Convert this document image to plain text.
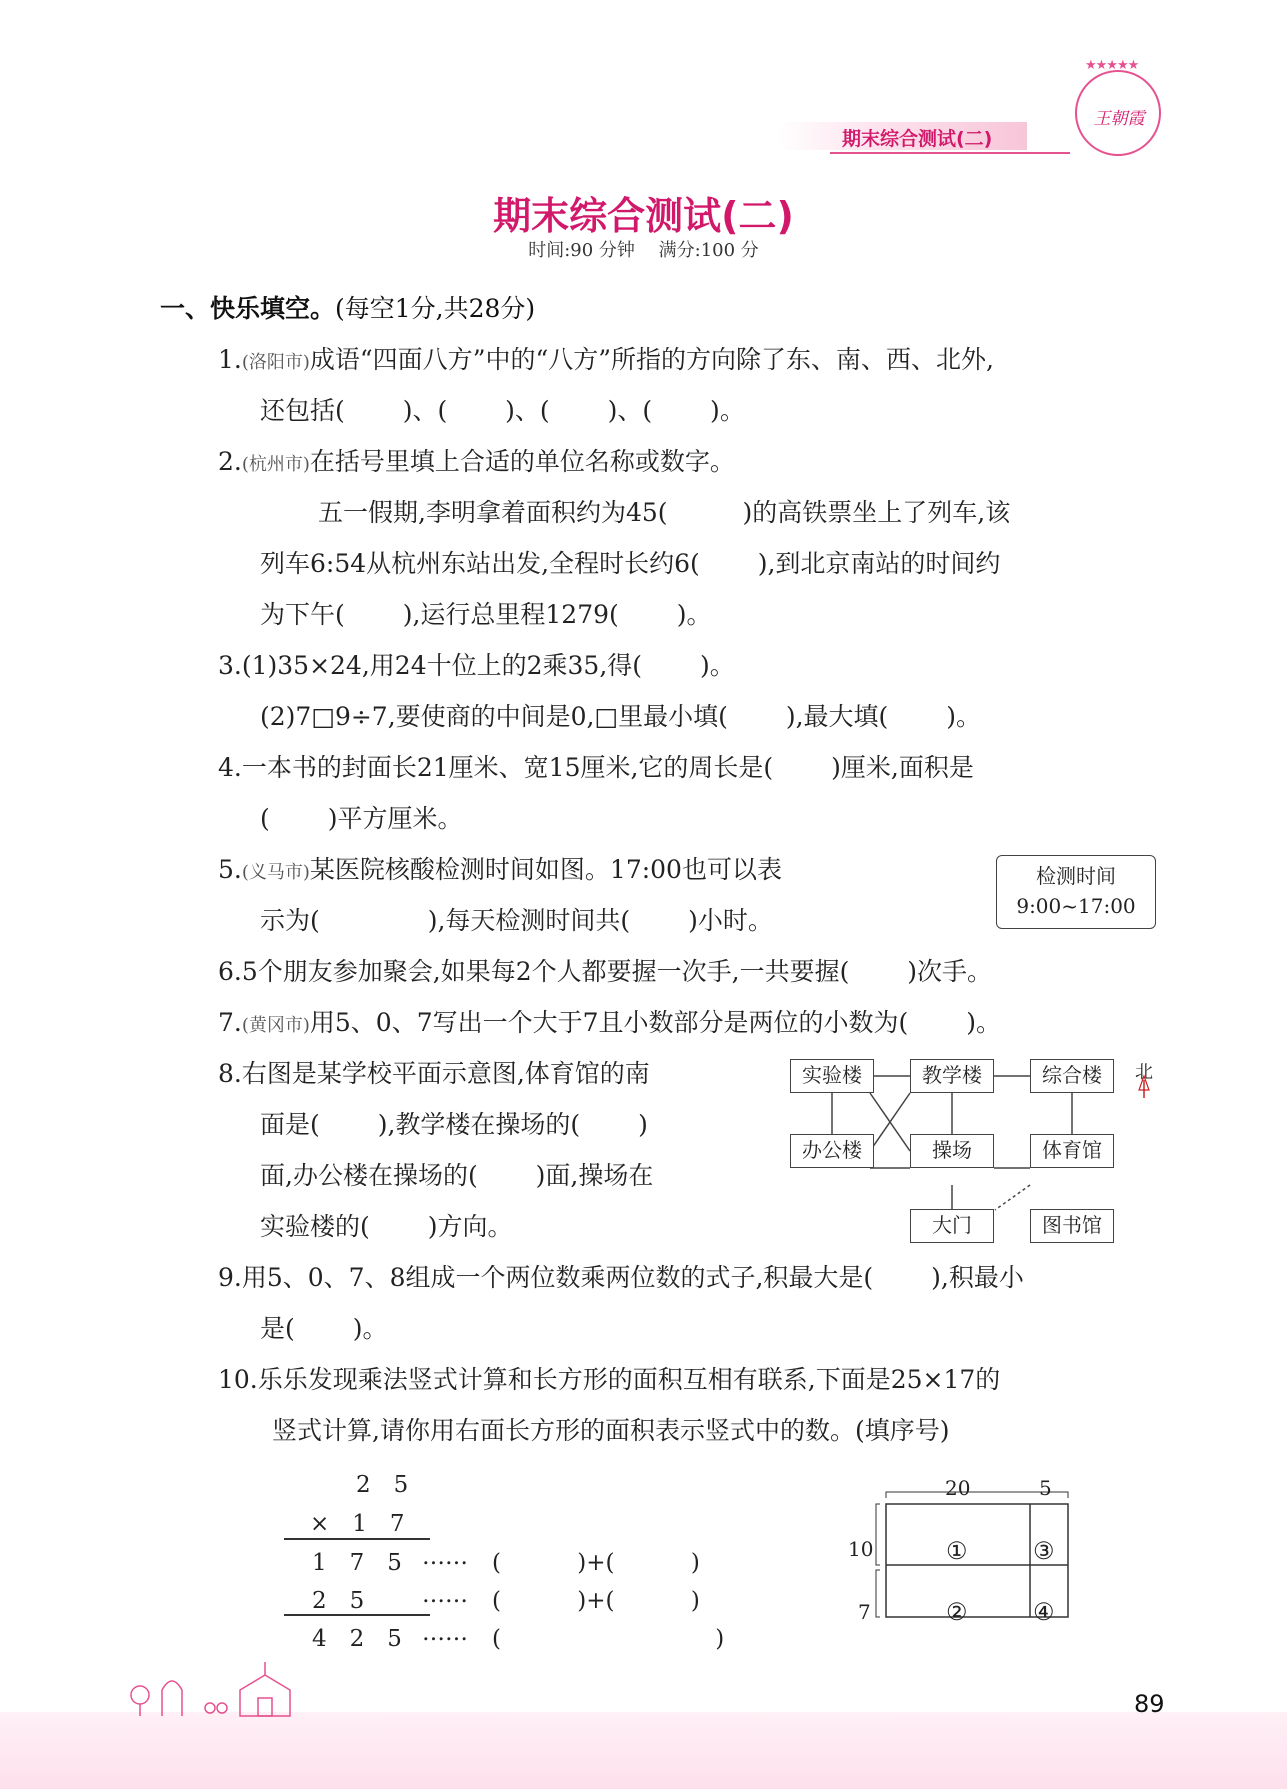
期末综合测试(二)
★★★★★
王朝霞
期末综合测试(二)
时间:90 分钟　 满分:100 分
一、快乐填空。(每空1分,共28分)
1.(洛阳市)成语“四面八方”中的“八方”所指的方向除了东、南、西、北外,
还包括(　　 )、(　　 )、(　　 )、(　　 )。
2.(杭州市)在括号里填上合适的单位名称或数字。
五一假期,李明拿着面积约为45(　　　)的高铁票坐上了列车,该
列车6:54从杭州东站出发,全程时长约6(　　 ),到北京南站的时间约
为下午(　　 ),运行总里程1279(　　 )。
3.(1)35×24,用24十位上的2乘35,得(　　 )。
(2)7□9÷7,要使商的中间是0,□里最小填(　　 ),最大填(　　 )。
4.一本书的封面长21厘米、宽15厘米,它的周长是(　　 )厘米,面积是
(　　 )平方厘米。
5.(义马市)某医院核酸检测时间如图。17:00也可以表
示为(　　　　 ),每天检测时间共(　　 )小时。
检测时间
9:00~17:00
6.5个朋友参加聚会,如果每2个人都要握一次手,一共要握(　　 )次手。
7.(黄冈市)用5、0、7写出一个大于7且小数部分是两位的小数为(　　 )。
8.右图是某学校平面示意图,体育馆的南
面是(　　 ),教学楼在操场的(　　 )
面,办公楼在操场的(　　 )面,操场在
实验楼的(　　 )方向。
实验楼	教学楼	综合楼
办公楼	操场	体育馆
大门	图书馆
北
9.用5、0、7、8组成一个两位数乘两位数的式子,积最大是(　　 ),积最小
是(　　 )。
10.乐乐发现乘法竖式计算和长方形的面积互相有联系,下面是25×17的
竖式计算,请你用右面长方形的面积表示竖式中的数。(填序号)
2　5
×　1　7
1　7　5 …… (　　　 )+(　　　 )
2　5	…… (　　　 )+(　　　 )
4　2　5 …… (　　　　　　　　　 )
20	5
10
7
①
②
③
④
89
